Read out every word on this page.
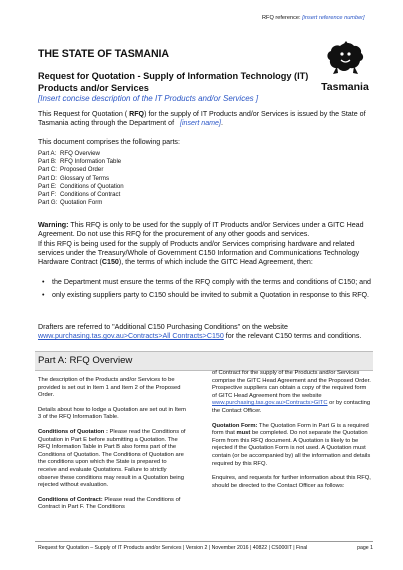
RFQ reference: [insert reference number]
THE STATE OF TASMANIA
Tasmania
Request for Quotation - Supply of Information Technology (IT) Products and/or Services
[Insert concise description of the IT Products and/or Services ]
This Request for Quotation ( RFQ) for the supply of IT Products and/or Services is issued by the State of Tasmania acting through the Department of [insert name].
This document comprises the following parts:
Part A:	RFQ Overview
Part B:	RFQ Information Table
Part C:	Proposed Order
Part D:	Glossary of Terms
Part E:	Conditions of Quotation
Part F:	Conditions of Contract
Part G:	Quotation Form
Warning: This RFQ is only to be used for the supply of IT Products and/or Services under a GITC Head Agreement. Do not use this RFQ for the procurement of any other goods and services.
If this RFQ is being used for the supply of Products and/or Services comprising hardware and related services under the Treasury/Whole of Government C150 Information and Communications Technology Hardware Contract (C150), the terms of which include the GITC Head Agreement, then:
• the Department must ensure the terms of the RFQ comply with the terms and conditions of C150; and
• only existing suppliers party to C150 should be invited to submit a Quotation in response to this RFQ.
Drafters are referred to "Additional C150 Purchasing Conditions" on the website www.purchasing.tas.gov.au>Contracts>All Contracts>C150 for the relevant C150 terms and conditions.
Part A: RFQ Overview

The description of the Products and/or Services to be provided is set out in Item 1 and Item 2 of the Proposed Order.

Details about how to lodge a Quotation are set out in Item 3 of the RFQ Information Table.

Conditions of Quotation : Please read the Conditions of Quotation in Part E before submitting a Quotation. The RFQ Information Table in Part B also forms part of the Conditions of Quotation. The Conditions of Quotation are the conditions upon which the State is prepared to receive and evaluate Quotations. Failure to strictly observe these conditions may result in a Quotation being rejected without evaluation.

Conditions of Contract: Please read the Conditions of Contract in Part F. The Conditions

of Contract for the supply of the Products and/or Services comprise the GITC Head Agreement and the Proposed Order. Prospective suppliers can obtain a copy of the required form of GITC Head Agreement from the website www.purchasing.tas.gov.au>Contracts>GITC or by contacting the Contact Officer.

Quotation Form: The Quotation Form in Part G is a required form that must be completed. Do not separate the Quotation Form from this RFQ document. A Quotation is likely to be rejected if the Quotation Form is not used. A Quotation must contain (or be accompanied by) all the information and details required by this RFQ.

Enquires, and requests for further information about this RFQ, should be directed to the Contact Officer as follows:

Request for Quotation – Supply of IT Products and/or Services | Version 2 | November 2016 | 40822 | CS000IT | Final	page 1
